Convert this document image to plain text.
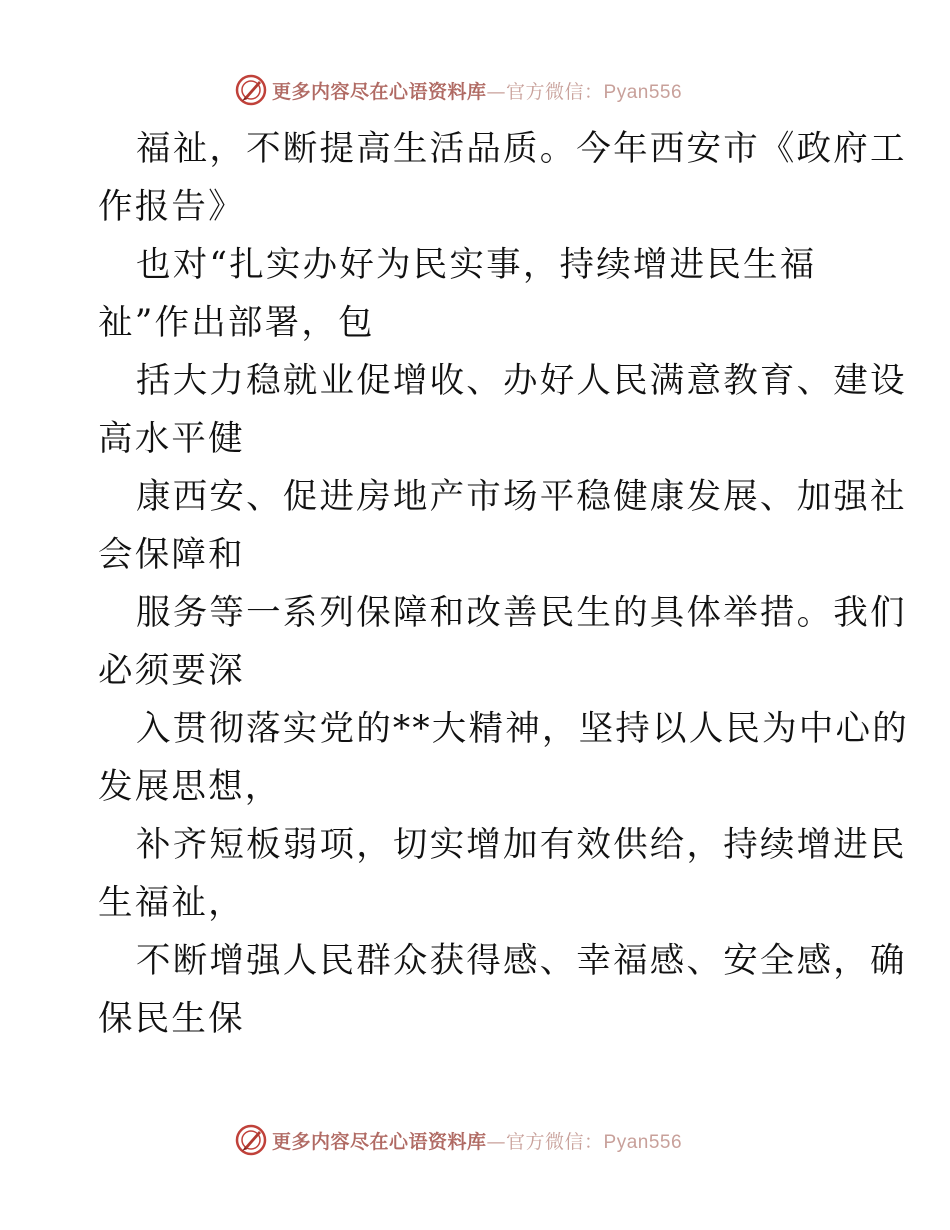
更多内容尽在心语资料库—官方微信：Pyan556
福祉，不断提高生活品质。今年西安市《政府工
作报告》
也对“扎实办好为民实事，持续增进民生福
祉”作出部署，包
括大力稳就业促增收、办好人民满意教育、建设
高水平健
康西安、促进房地产市场平稳健康发展、加强社
会保障和
服务等一系列保障和改善民生的具体举措。我们
必须要深
入贯彻落实党的**大精神，坚持以人民为中心的
发展思想，
补齐短板弱项，切实增加有效供给，持续增进民
生福祉，
不断增强人民群众获得感、幸福感、安全感，确
保民生保
更多内容尽在心语资料库—官方微信：Pyan556
